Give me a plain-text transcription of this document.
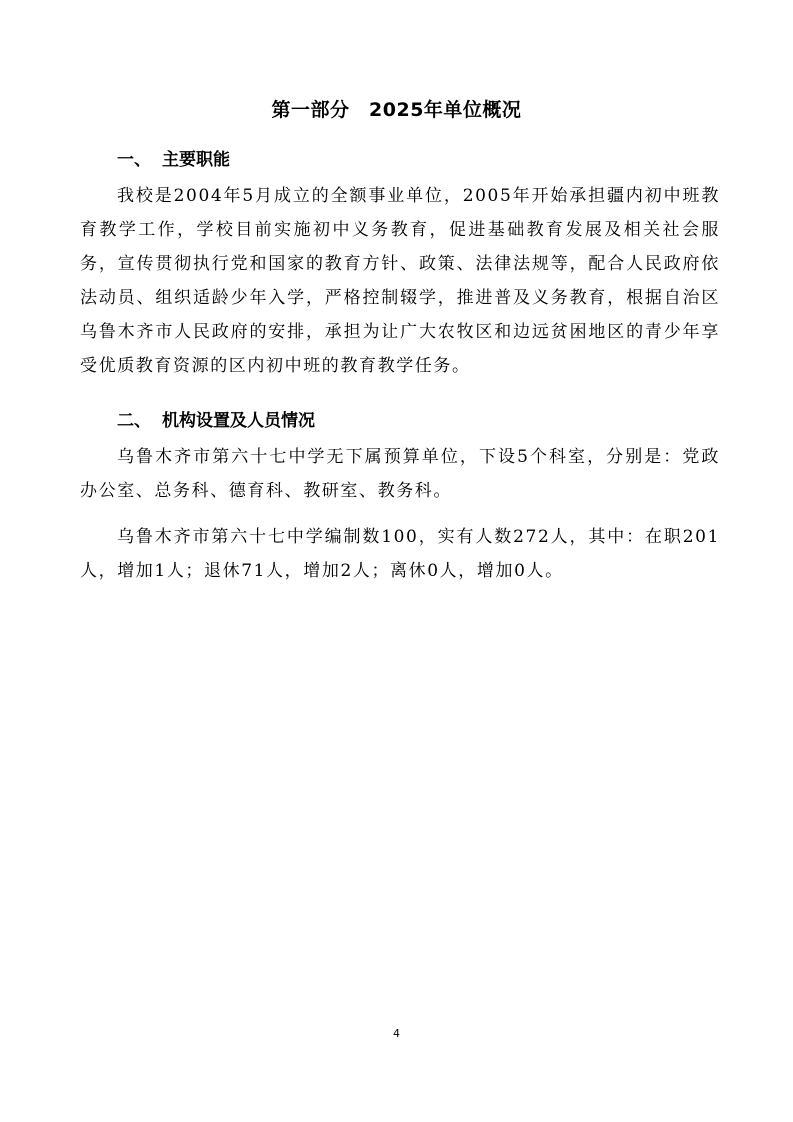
第一部分　2025年单位概况
一、 主要职能
我校是2004年5月成立的全额事业单位，2005年开始承担疆内初中班教育教学工作，学校目前实施初中义务教育，促进基础教育发展及相关社会服务，宣传贯彻执行党和国家的教育方针、政策、法律法规等，配合人民政府依法动员、组织适龄少年入学，严格控制辍学，推进普及义务教育，根据自治区乌鲁木齐市人民政府的安排，承担为让广大农牧区和边远贫困地区的青少年享受优质教育资源的区内初中班的教育教学任务。
二、 机构设置及人员情况
乌鲁木齐市第六十七中学无下属预算单位，下设5个科室，分别是：党政办公室、总务科、德育科、教研室、教务科。
乌鲁木齐市第六十七中学编制数100，实有人数272人，其中：在职201人，增加1人；退休71人，增加2人；离休0人，增加0人。
4
